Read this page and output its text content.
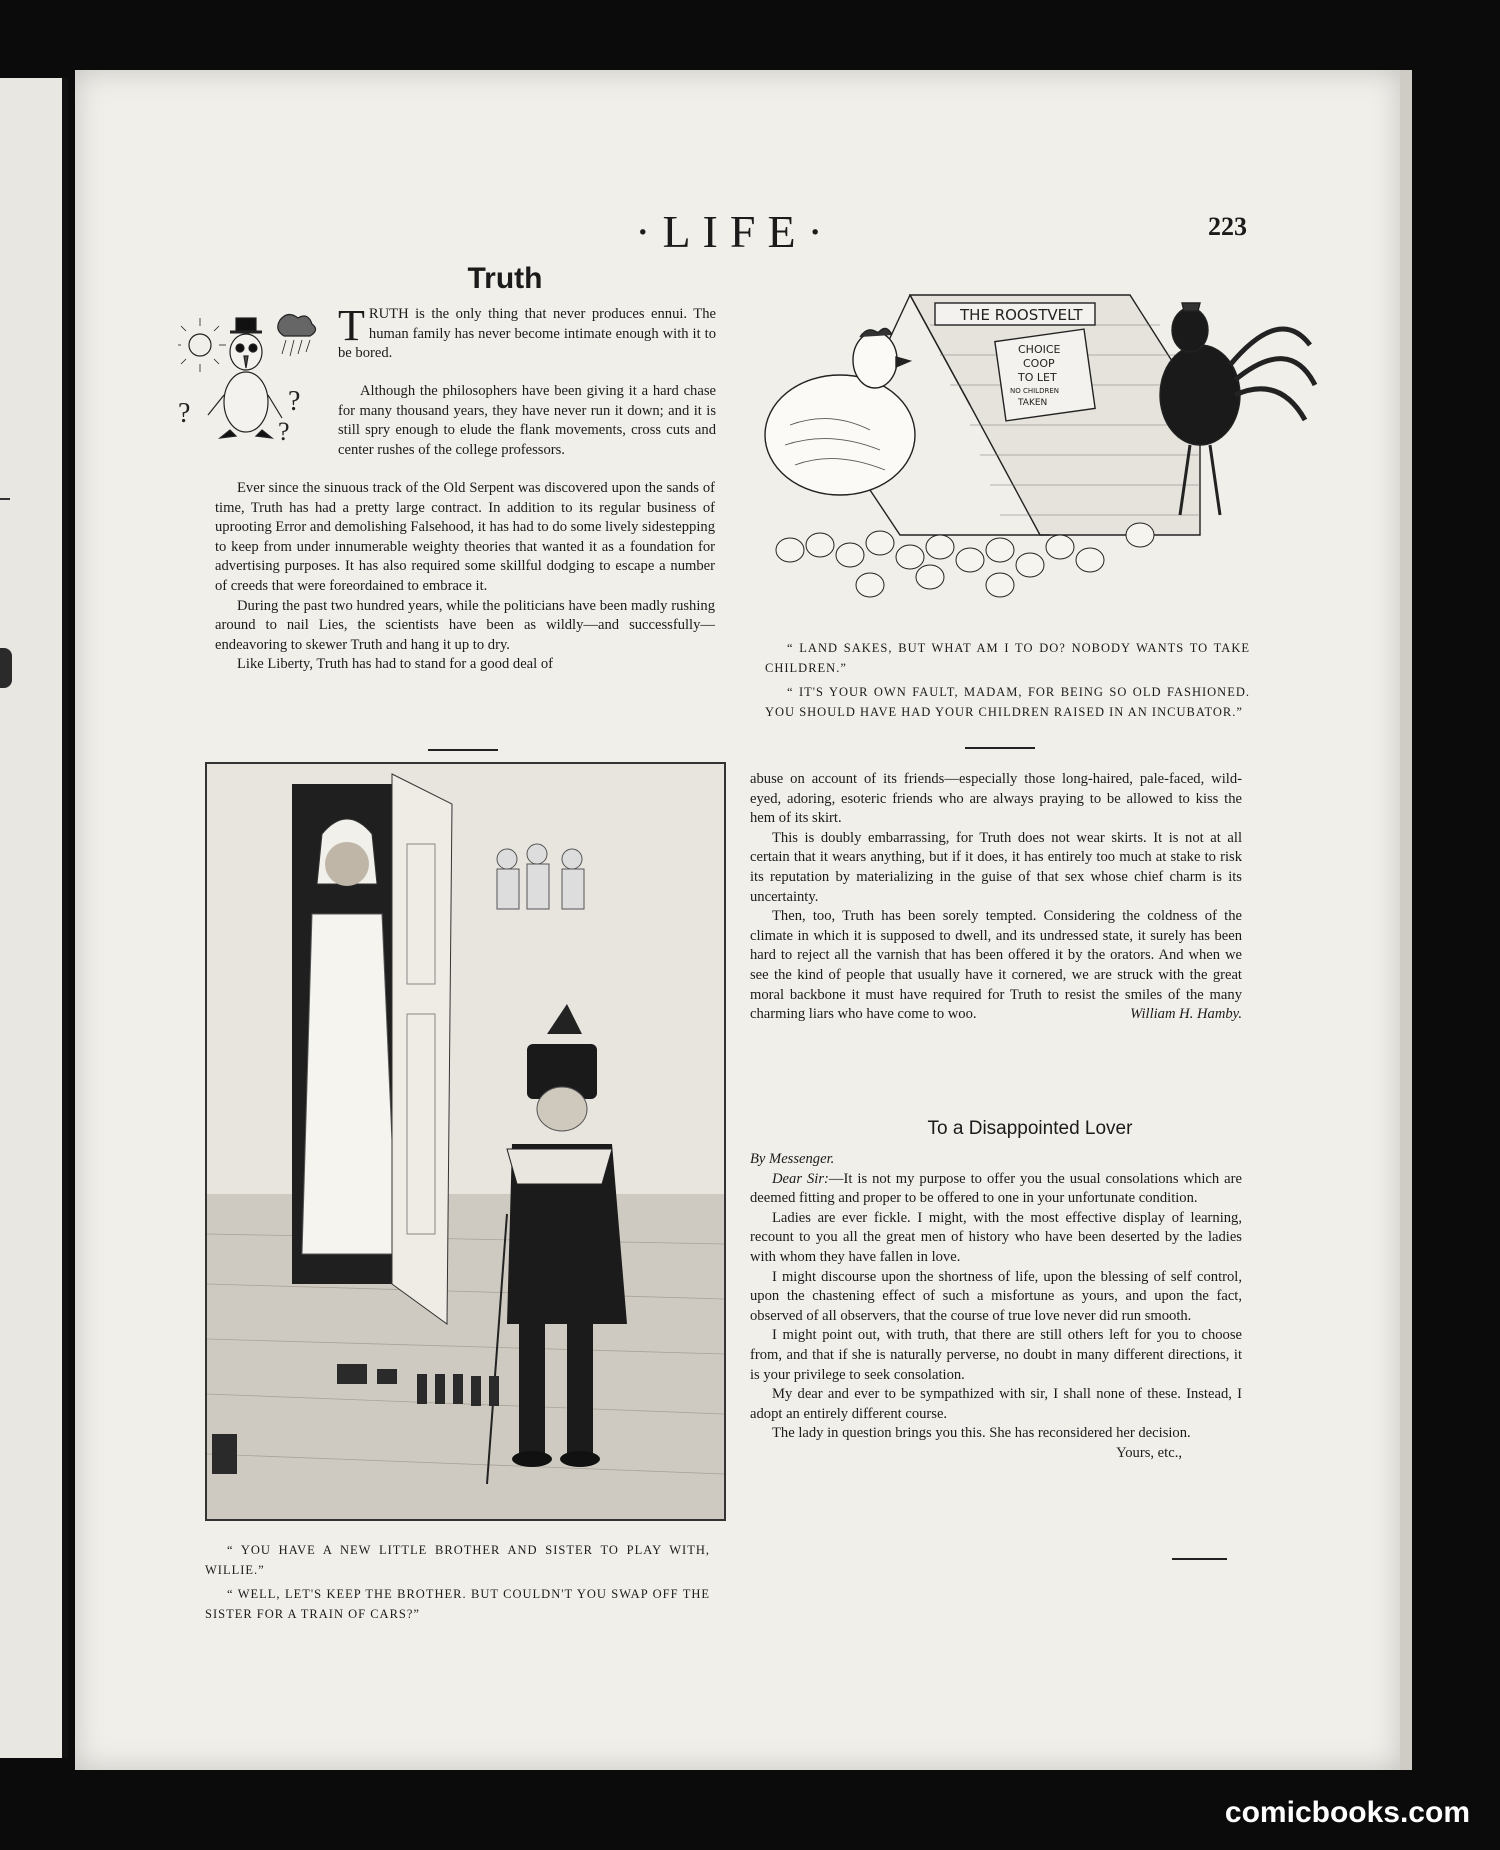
·LIFE·	223
Truth
?	?
?

TRUTH is the only thing that never produces ennui. The human family has never become intimate enough with it to be bored.

Although the philosophers have been giving it a hard chase for many thousand years, they have never run it down; and it is still spry enough to elude the flank movements, cross cuts and center rushes of the college professors.

Ever since the sinuous track of the Old Serpent was discovered upon the sands of time, Truth has had a pretty large contract. In addition to its regular business of uprooting Error and demolishing Falsehood, it has had to do some lively sidestepping to keep from under innumerable weighty theories that wanted it as a foundation for advertising purposes. It has also required some skillful dodging to escape a number of creeds that were foreordained to embrace it.

During the past two hundred years, while the politicians have been madly rushing around to nail Lies, the scientists have been as wildly—and successfully—endeavoring to skewer Truth and hang it up to dry.

Like Liberty, Truth has had to stand for a good deal of

THE ROOSTVELT
CHOICE
COOP
TO LET
NO CHILDREN
TAKEN

“ LAND SAKES, BUT WHAT AM I TO DO? NOBODY WANTS TO TAKE CHILDREN.”

“ IT'S YOUR OWN FAULT, MADAM, FOR BEING SO OLD FASHIONED. YOU SHOULD HAVE HAD YOUR CHILDREN RAISED IN AN INCUBATOR.”

“ YOU HAVE A NEW LITTLE BROTHER AND SISTER TO PLAY WITH, WILLIE.”

“ WELL, LET'S KEEP THE BROTHER. BUT COULDN'T YOU SWAP OFF THE SISTER FOR A TRAIN OF CARS?”

abuse on account of its friends—especially those long-haired, pale-faced, wild-eyed, adoring, esoteric friends who are always praying to be allowed to kiss the hem of its skirt.

This is doubly embarrassing, for Truth does not wear skirts. It is not at all certain that it wears anything, but if it does, it has entirely too much at stake to risk its reputation by materializing in the guise of that sex whose chief charm is its uncertainty.

Then, too, Truth has been sorely tempted. Considering the coldness of the climate in which it is supposed to dwell, and its undressed state, it surely has been hard to reject all the varnish that has been offered it by the orators. And when we see the kind of people that usually have it cornered, we are struck with the great moral backbone it must have required for Truth to resist the smiles of the many charming liars who have come to woo.	William H. Hamby.

To a Disappointed Lover

By Messenger.

Dear Sir:—It is not my purpose to offer you the usual consolations which are deemed fitting and proper to be offered to one in your unfortunate condition.

Ladies are ever fickle. I might, with the most effective display of learning, recount to you all the great men of history who have been deserted by the ladies with whom they have fallen in love.

I might discourse upon the shortness of life, upon the blessing of self control, upon the chastening effect of such a misfortune as yours, and upon the fact, observed of all observers, that the course of true love never did run smooth.

I might point out, with truth, that there are still others left for you to choose from, and that if she is naturally perverse, no doubt in many different directions, it is your privilege to seek consolation.

My dear and ever to be sympathized with sir, I shall none of these. Instead, I adopt an entirely different course.

The lady in question brings you this. She has reconsidered her decision.

Yours, etc.,

comicbooks.com
